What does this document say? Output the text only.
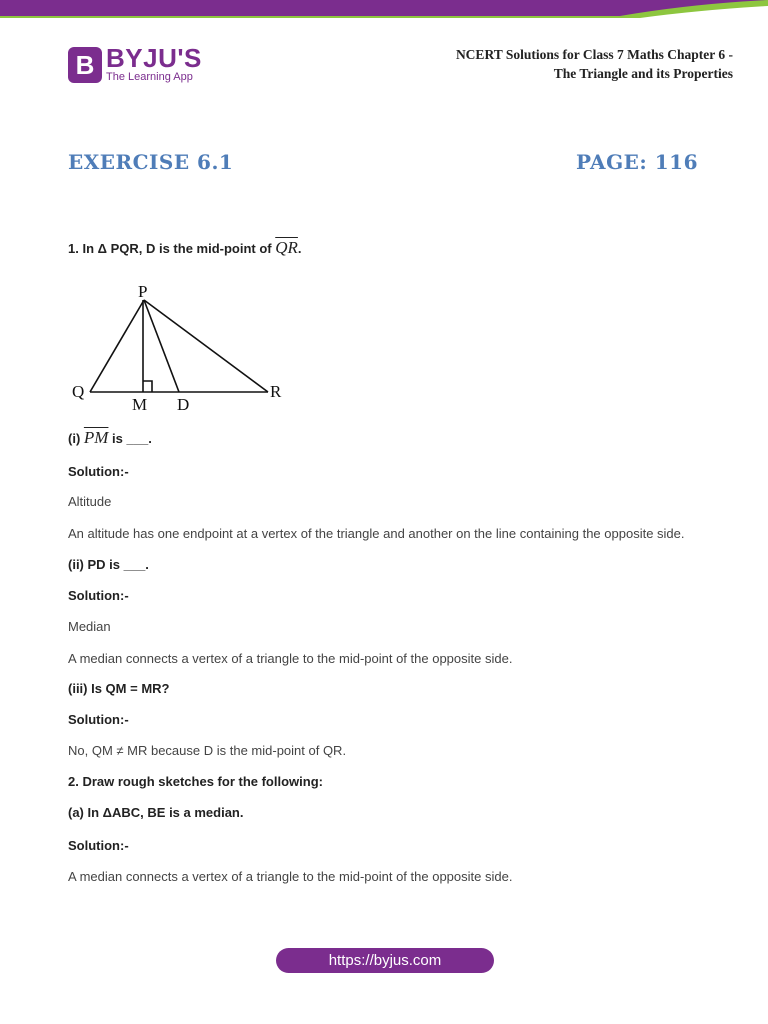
B BYJU'S
The Learning App
NCERT Solutions for Class 7 Maths Chapter 6 -
The Triangle and its Properties
EXERCISE 6.1	PAGE: 116
1. In Δ PQR, D is the mid-point of $\overline{QR}$.
P
Q	R
M D
(i) $\overline{PM}$ is ___.
Solution:-
Altitude
An altitude has one endpoint at a vertex of the triangle and another on the line containing the opposite side.
(ii) PD is ___.
Solution:-
Median
A median connects a vertex of a triangle to the mid-point of the opposite side.
(iii) Is QM = MR?
Solution:-
No, QM ≠ MR because D is the mid-point of QR.
2. Draw rough sketches for the following:
(a) In ΔABC, BE is a median.
Solution:-
A median connects a vertex of a triangle to the mid-point of the opposite side.
https://byjus.com
